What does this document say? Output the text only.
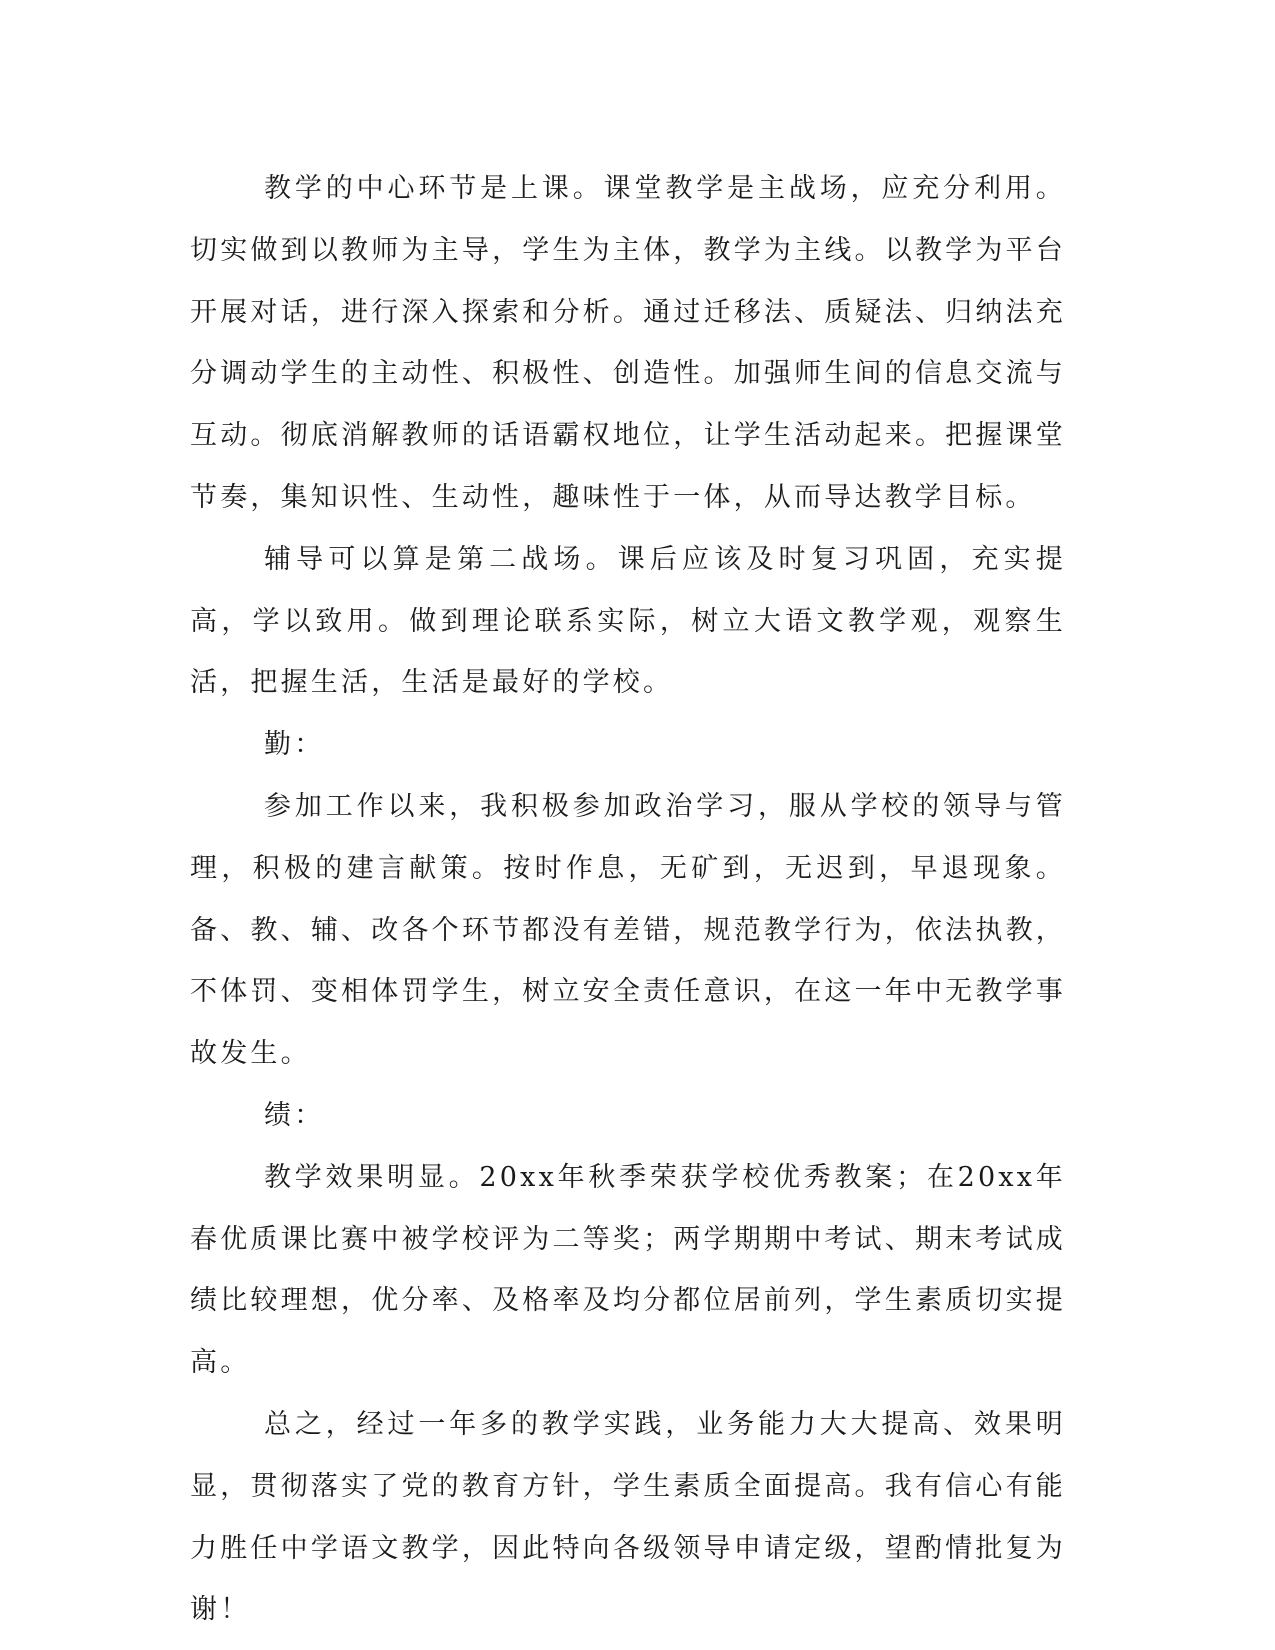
教学的中心环节是上课。课堂教学是主战场，应充分利用。切实做到以教师为主导，学生为主体，教学为主线。以教学为平台开展对话，进行深入探索和分析。通过迁移法、质疑法、归纳法充分调动学生的主动性、积极性、创造性。加强师生间的信息交流与互动。彻底消解教师的话语霸权地位，让学生活动起来。把握课堂节奏，集知识性、生动性，趣味性于一体，从而导达教学目标。

辅导可以算是第二战场。课后应该及时复习巩固，充实提高，学以致用。做到理论联系实际，树立大语文教学观，观察生活，把握生活，生活是最好的学校。

勤：

参加工作以来，我积极参加政治学习，服从学校的领导与管理，积极的建言献策。按时作息，无矿到，无迟到，早退现象。备、教、辅、改各个环节都没有差错，规范教学行为，依法执教，不体罚、变相体罚学生，树立安全责任意识，在这一年中无教学事故发生。

绩：

教学效果明显。20xx年秋季荣获学校优秀教案；在20xx年春优质课比赛中被学校评为二等奖；两学期期中考试、期末考试成绩比较理想，优分率、及格率及均分都位居前列，学生素质切实提高。

总之，经过一年多的教学实践，业务能力大大提高、效果明显，贯彻落实了党的教育方针，学生素质全面提高。我有信心有能力胜任中学语文教学，因此特向各级领导申请定级，望酌情批复为谢！
